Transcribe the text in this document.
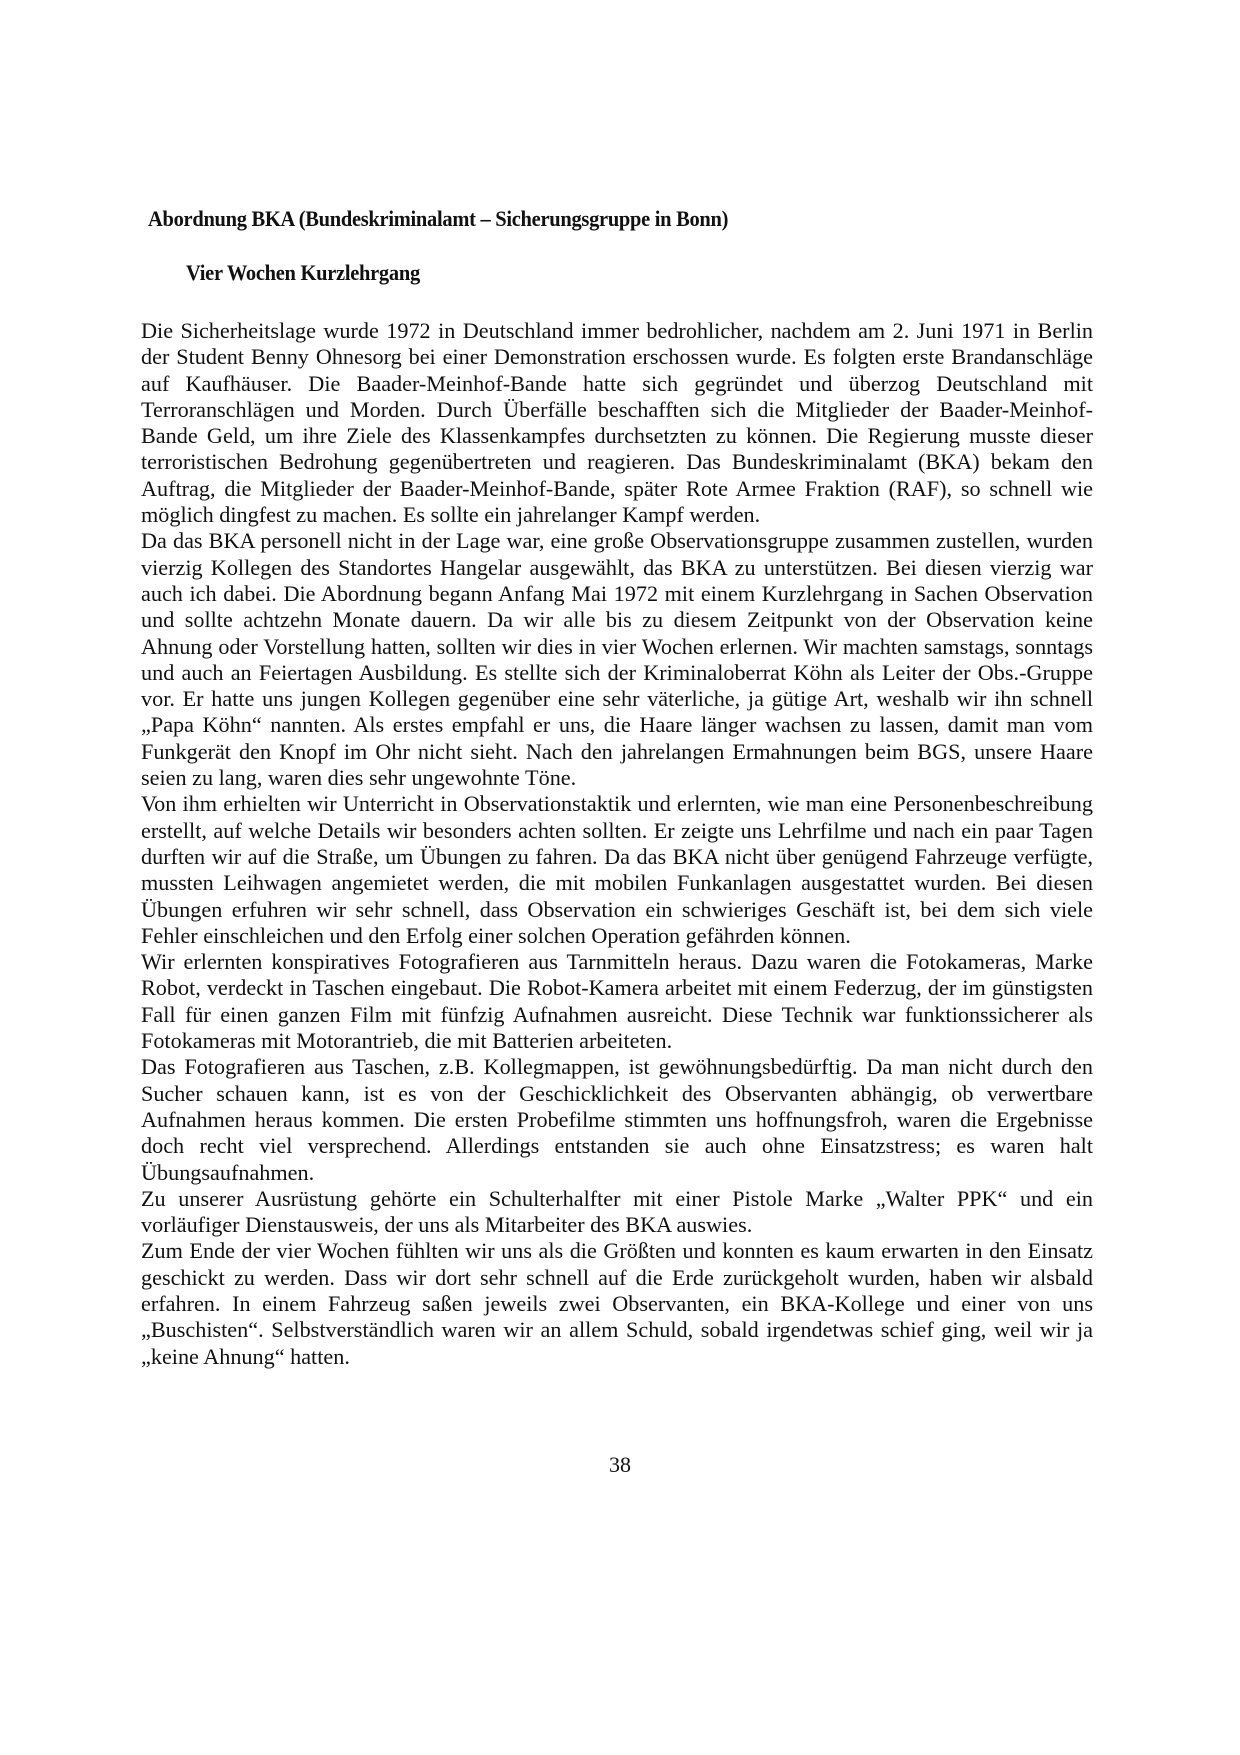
Abordnung BKA (Bundeskriminalamt – Sicherungsgruppe in Bonn)
Vier Wochen Kurzlehrgang

Die Sicherheitslage wurde 1972 in Deutschland immer bedrohlicher, nachdem am 2. Juni 1971 in Berlin der Student Benny Ohnesorg bei einer Demonstration erschossen wurde. Es folgten erste Brandanschläge auf Kaufhäuser. Die Baader-Meinhof-Bande hatte sich gegründet und überzog Deutschland mit Terroranschlägen und Morden. Durch Überfälle beschafften sich die Mitglieder der Baader-Meinhof-Bande Geld, um ihre Ziele des Klassenkampfes durchsetzten zu können. Die Regierung musste dieser terroristischen Bedrohung gegenübertreten und reagieren. Das Bundeskriminalamt (BKA) bekam den Auftrag, die Mitglieder der Baader-Meinhof-Bande, später Rote Armee Fraktion (RAF), so schnell wie möglich dingfest zu machen. Es sollte ein jahrelanger Kampf werden.

Da das BKA personell nicht in der Lage war, eine große Observationsgruppe zusammen zustellen, wurden vierzig Kollegen des Standortes Hangelar ausgewählt, das BKA zu unterstützen. Bei diesen vierzig war auch ich dabei. Die Abordnung begann Anfang Mai 1972 mit einem Kurzlehrgang in Sachen Observation und sollte achtzehn Monate dauern. Da wir alle bis zu diesem Zeitpunkt von der Observation keine Ahnung oder Vorstellung hatten, sollten wir dies in vier Wochen erlernen. Wir machten samstags, sonntags und auch an Feiertagen Ausbildung. Es stellte sich der Kriminaloberrat Köhn als Leiter der Obs.-Gruppe vor. Er hatte uns jungen Kollegen gegenüber eine sehr väterliche, ja gütige Art, weshalb wir ihn schnell „Papa Köhn“ nannten. Als erstes empfahl er uns, die Haare länger wachsen zu lassen, damit man vom Funkgerät den Knopf im Ohr nicht sieht. Nach den jahrelangen Ermahnungen beim BGS, unsere Haare seien zu lang, waren dies sehr ungewohnte Töne.

Von ihm erhielten wir Unterricht in Observationstaktik und erlernten, wie man eine Personenbeschreibung erstellt, auf welche Details wir besonders achten sollten. Er zeigte uns Lehrfilme und nach ein paar Tagen durften wir auf die Straße, um Übungen zu fahren. Da das BKA nicht über genügend Fahrzeuge verfügte, mussten Leihwagen angemietet werden, die mit mobilen Funkanlagen ausgestattet wurden. Bei diesen Übungen erfuhren wir sehr schnell, dass Observation ein schwieriges Geschäft ist, bei dem sich viele Fehler einschleichen und den Erfolg einer solchen Operation gefährden können.

Wir erlernten konspiratives Fotografieren aus Tarnmitteln heraus. Dazu waren die Fotokameras, Marke Robot, verdeckt in Taschen eingebaut. Die Robot-Kamera arbeitet mit einem Federzug, der im günstigsten Fall für einen ganzen Film mit fünfzig Aufnahmen ausreicht. Diese Technik war funktionssicherer als Fotokameras mit Motorantrieb, die mit Batterien arbeiteten.

Das Fotografieren aus Taschen, z.B. Kollegmappen, ist gewöhnungsbedürftig. Da man nicht durch den Sucher schauen kann, ist es von der Geschicklichkeit des Observanten abhängig, ob verwertbare Aufnahmen heraus kommen. Die ersten Probefilme stimmten uns hoffnungsfroh, waren die Ergebnisse doch recht viel versprechend. Allerdings entstanden sie auch ohne Einsatzstress; es waren halt Übungsaufnahmen.

Zu unserer Ausrüstung gehörte ein Schulterhalfter mit einer Pistole Marke „Walter PPK“ und ein vorläufiger Dienstausweis, der uns als Mitarbeiter des BKA auswies.

Zum Ende der vier Wochen fühlten wir uns als die Größten und konnten es kaum erwarten in den Einsatz geschickt zu werden. Dass wir dort sehr schnell auf die Erde zurückgeholt wurden, haben wir alsbald erfahren. In einem Fahrzeug saßen jeweils zwei Observanten, ein BKA-Kollege und einer von uns „Buschisten“. Selbstverständlich waren wir an allem Schuld, sobald irgendetwas schief ging, weil wir ja „keine Ahnung“ hatten.

38
